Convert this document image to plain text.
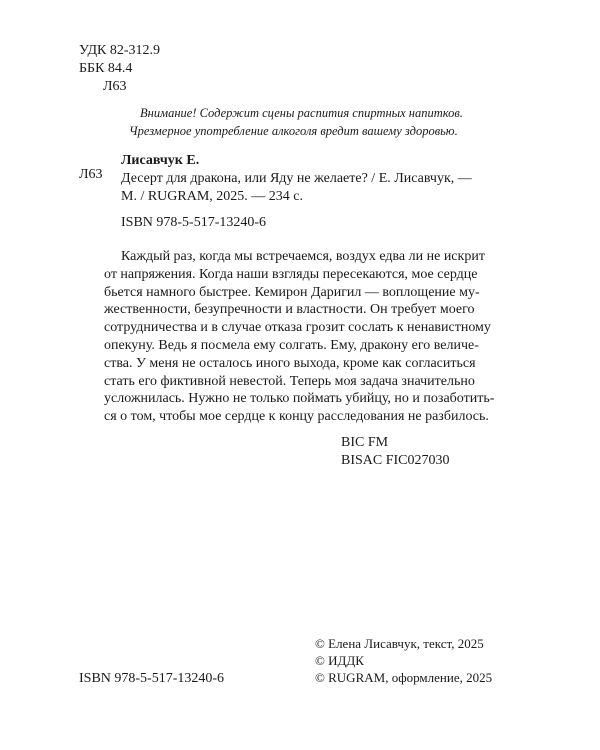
УДК 82-312.9
ББК 84.4
Л63
Внимание! Содержит сцены распития спиртных напитков.
Чрезмерное употребление алкоголя вредит вашему здоровью.
Л63
Лисавчук Е.
Десерт для дракона, или Яду не желаете? / Е. Лисавчук, —
М. / RUGRAM, 2025. — 234 с.
ISBN 978-5-517-13240-6
Каждый раз, когда мы встречаемся, воздух едва ли не искрит
от напряжения. Когда наши взгляды пересекаются, мое сердце
бьется намного быстрее. Кемирон Даригил — воплощение му-
жественности, безупречности и властности. Он требует моего
сотрудничества и в случае отказа грозит сослать к ненавистному
опекуну. Ведь я посмела ему солгать. Ему, дракону его величе-
ства. У меня не осталось иного выхода, кроме как согласиться
стать его фиктивной невестой. Теперь моя задача значительно
усложнилась. Нужно не только поймать убийцу, но и позаботить-
ся о том, чтобы мое сердце к концу расследования не разбилось.
BIC FM
BISAC FIC027030
ISBN 978-5-517-13240-6
© Елена Лисавчук, текст, 2025
© ИДДК
© RUGRAM, оформление, 2025
